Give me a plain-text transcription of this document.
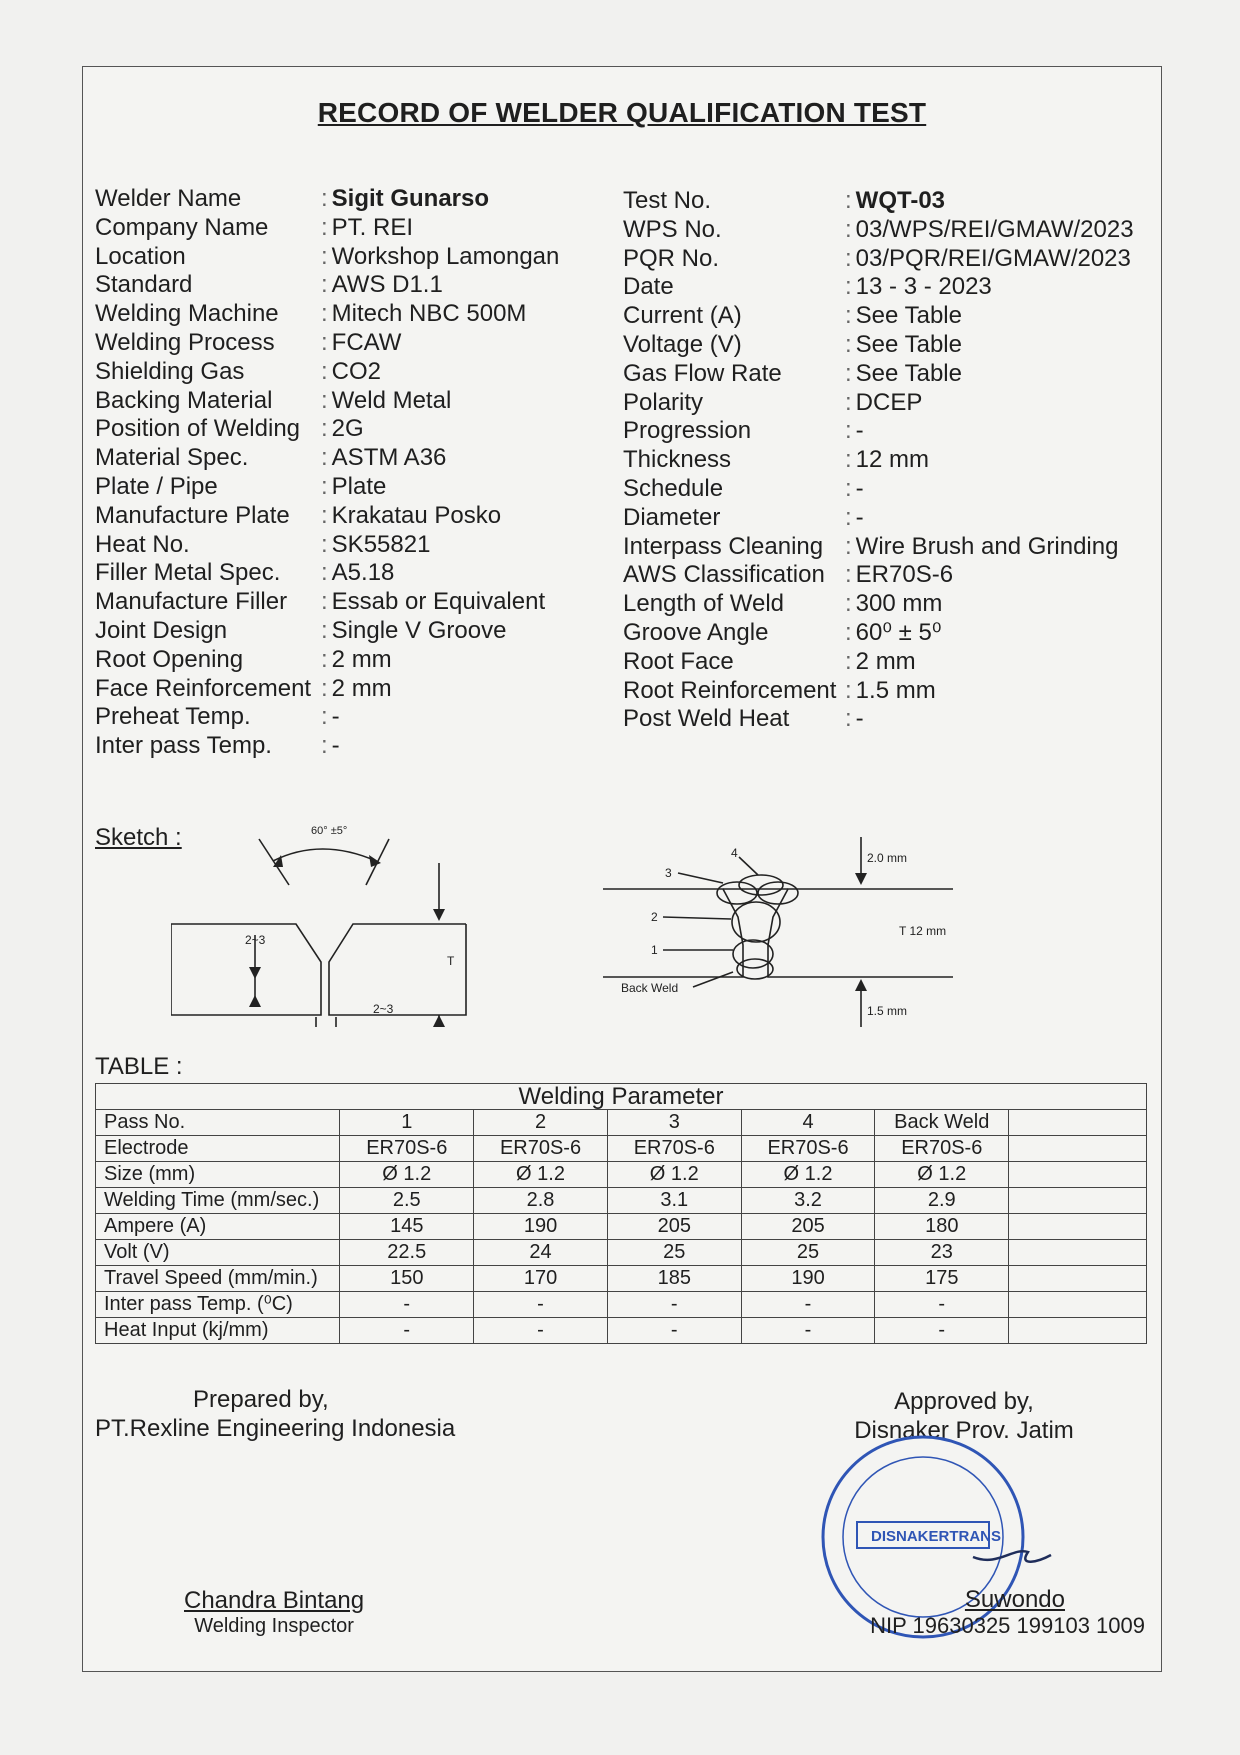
RECORD OF WELDER QUALIFICATION TEST
Welder Name	: Sigit Gunarso
Company Name	: PT. REI
Location	: Workshop Lamongan
Standard	: AWS D1.1
Welding Machine	: Mitech NBC 500M
Welding Process	: FCAW
Shielding Gas	: CO2
Backing Material	: Weld Metal
Position of Welding : 2G
Material Spec.	: ASTM A36
Plate / Pipe	: Plate
Manufacture Plate	: Krakatau Posko
Heat No.	: SK55821
Filler Metal Spec.	: A5.18
Manufacture Filler	: Essab or Equivalent
Joint Design	: Single V Groove
Root Opening	: 2 mm
Face Reinforcement : 2 mm
Preheat Temp.	: -
Inter pass Temp.	: -
Test No.	: WQT-03
WPS No.	: 03/WPS/REI/GMAW/2023
PQR No.	: 03/PQR/REI/GMAW/2023
Date	: 13 - 3 - 2023
Current (A)	: See Table
Voltage (V)	: See Table
Gas Flow Rate	: See Table
Polarity	: DCEP
Progression	: -
Thickness	: 12 mm
Schedule	: -
Diameter	: -
Interpass Cleaning : Wire Brush and Grinding
AWS Classification : ER70S-6
Length of Weld	: 300 mm
Groove Angle	: 60⁰ ± 5⁰
Root Face	: 2 mm
Root Reinforcement : 1.5 mm
Post Weld Heat	: -
Sketch :	60° ±5°
2~3
T
2~3
3
4
2
1
2.0 mm
T 12 mm
Back Weld
1.5 mm
TABLE :
Welding Parameter						
Pass No.	1	2	3	4	Back Weld	
Electrode	ER70S-6	ER70S-6	ER70S-6	ER70S-6	ER70S-6	
Size (mm)	Ø 1.2	Ø 1.2	Ø 1.2	Ø 1.2	Ø 1.2	
Welding Time (mm/sec.)	2.5	2.8	3.1	3.2	2.9	
Ampere (A)	145	190	205	205	180	
Volt (V)	22.5	24	25	25	23	
Travel Speed (mm/min.)	150	170	185	190	175	
Inter pass Temp. (⁰C)	-	-	-	-	-	
Heat Input (kj/mm)	-	-	-	-	-	
Prepared by,
PT.Rexline Engineering Indonesia
Chandra Bintang
Welding Inspector
Approved by,
Disnaker Prov. Jatim
DISNAKERTRANS
Suwondo
NIP 19630325 199103 1009
